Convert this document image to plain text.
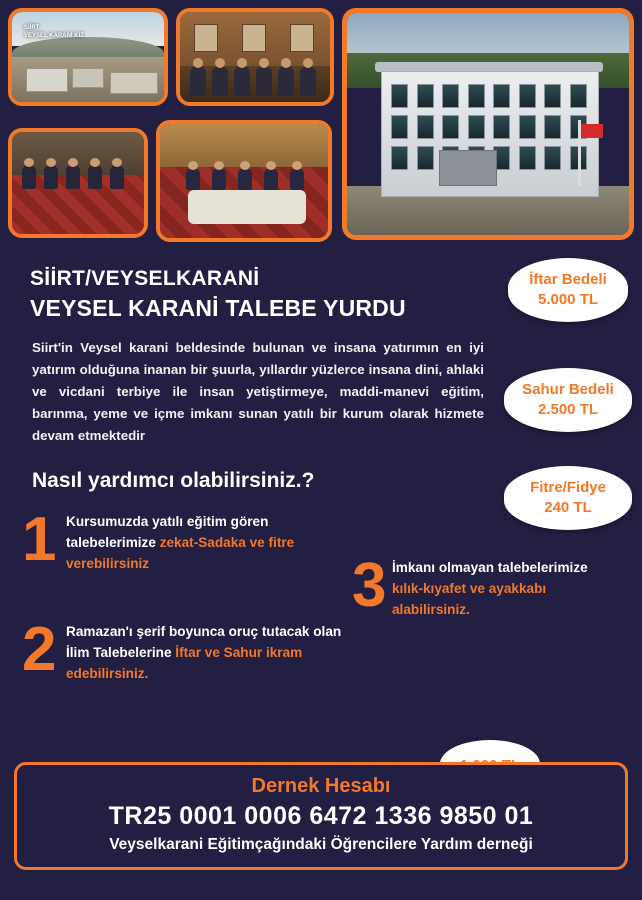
SİİRT
VEYSEL KARANİ KIZ
SİİRT/VEYSELKARANİ
VEYSEL KARANİ TALEBE YURDU
Siirt'in Veysel karani beldesinde bulunan ve insana yatırımın en iyi yatırım olduğuna inanan bir şuurla, yıllardır yüzlerce insana dini, ahlaki ve vicdani terbiye ile insan yetiştirmeye, maddi-manevi eğitim, barınma, yeme ve içme imkanı sunan yatılı bir kurum olarak hizmete devam etmektedir
Nasıl yardımcı olabilirsiniz.?
1 Kursumuzda yatılı eğitim gören talebelerimize zekat-Sadaka ve fitre verebilirsiniz
2 Ramazan'ı şerif boyunca oruç tutacak olan İlim Talebelerine İftar ve Sahur ikram edebilirsiniz.
3 İmkanı olmayan talebelerimize kılık-kıyafet ve ayakkabı alabilirsiniz.
İftar Bedeli
5.000 TL
Sahur Bedeli
2.500 TL
Fitre/Fidye
240 TL
Dernek Hesabı
TR25 0001 0006 6472 1336 9850 01
Veyselkarani Eğitimçağındaki Öğrencilere Yardım derneği
